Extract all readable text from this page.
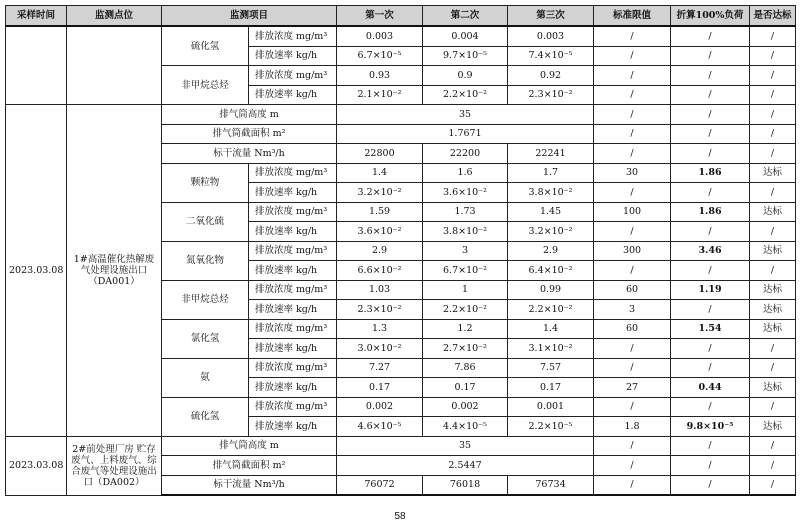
采样时间	监测点位	监测项目		第一次	第二次	第三次	标准限值	折算100%负荷	是否达标
		硫化氢	排放浓度 mg/m³	0.003	0.004	0.003	/	/	/
			排放速率 kg/h	6.7×10⁻⁵	9.7×10⁻⁵	7.4×10⁻⁵	/	/	/
		非甲烷总烃	排放浓度 mg/m³	0.93	0.9	0.92	/	/	/
			排放速率 kg/h	2.1×10⁻²	2.2×10⁻²	2.3×10⁻²	/	/	/
2023.03.08	1#高温催化热解废气处理设施出口（DA001）	排气筒高度 m		35			/	/	/
		排气筒截面积 m²		1.7671			/	/	/
		标干流量 Nm³/h		22800	22200	22241	/	/	/
		颗粒物	排放浓度 mg/m³	1.4	1.6	1.7	30	1.86	达标
			排放速率 kg/h	3.2×10⁻²	3.6×10⁻²	3.8×10⁻²	/	/	/
		二氧化硫	排放浓度 mg/m³	1.59	1.73	1.45	100	1.86	达标
			排放速率 kg/h	3.6×10⁻²	3.8×10⁻²	3.2×10⁻²	/	/	/
		氮氧化物	排放浓度 mg/m³	2.9	3	2.9	300	3.46	达标
			排放速率 kg/h	6.6×10⁻²	6.7×10⁻²	6.4×10⁻²	/	/	/
		非甲烷总烃	排放浓度 mg/m³	1.03	1	0.99	60	1.19	达标
			排放速率 kg/h	2.3×10⁻²	2.2×10⁻²	2.2×10⁻²	3	/	达标
		氯化氢	排放浓度 mg/m³	1.3	1.2	1.4	60	1.54	达标
			排放速率 kg/h	3.0×10⁻²	2.7×10⁻²	3.1×10⁻²	/	/	/
		氨	排放浓度 mg/m³	7.27	7.86	7.57	/	/	/
			排放速率 kg/h	0.17	0.17	0.17	27	0.44	达标
		硫化氢	排放浓度 mg/m³	0.002	0.002	0.001	/	/	/
			排放速率 kg/h	4.6×10⁻⁵	4.4×10⁻⁵	2.2×10⁻⁵	1.8	9.8×10⁻⁵	达标
2023.03.08	2#前处理厂房 贮存废气、上料废气、综合废气等处理设施出口（DA002）	排气筒高度 m		35			/	/	/
		排气筒截面积 m²		2.5447			/	/	/
		标干流量 Nm³/h		76072	76018	76734	/	/	/
58
